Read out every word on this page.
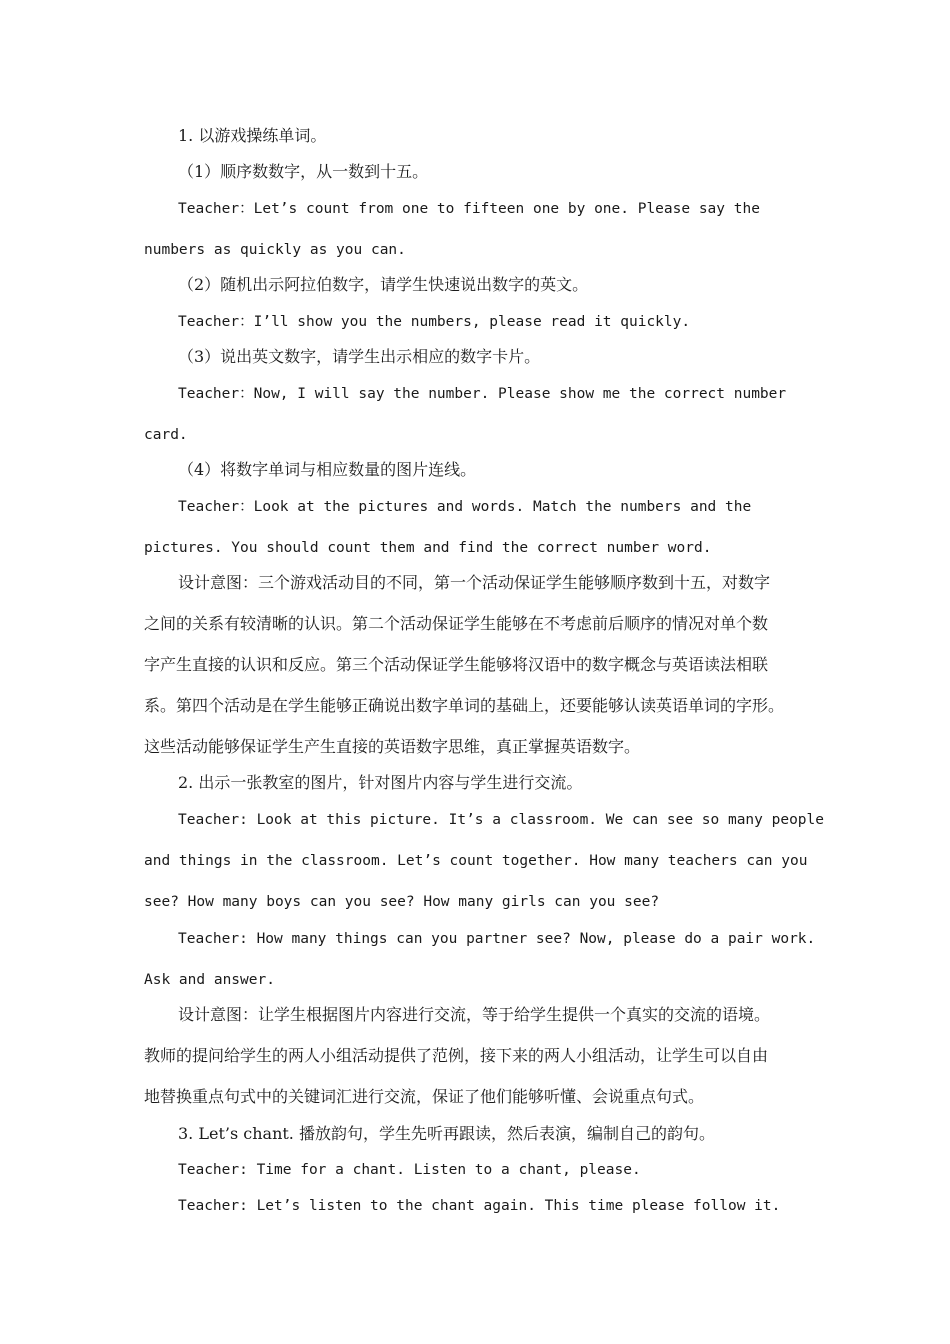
1. 以游戏操练单词。
（1）顺序数数字，从一数到十五。
Teacher：Let’s count from one to fifteen one by one. Please say the
numbers as quickly as you can.
（2）随机出示阿拉伯数字，请学生快速说出数字的英文。
Teacher：I’ll show you the numbers, please read it quickly.
（3）说出英文数字，请学生出示相应的数字卡片。
Teacher：Now, I will say the number. Please show me the correct number
card.
（4）将数字单词与相应数量的图片连线。
Teacher：Look at the pictures and words. Match the numbers and the
pictures. You should count them and find the correct number word.
设计意图：三个游戏活动目的不同，第一个活动保证学生能够顺序数到十五，对数字
之间的关系有较清晰的认识。第二个活动保证学生能够在不考虑前后顺序的情况对单个数
字产生直接的认识和反应。第三个活动保证学生能够将汉语中的数字概念与英语读法相联
系。第四个活动是在学生能够正确说出数字单词的基础上，还要能够认读英语单词的字形。
这些活动能够保证学生产生直接的英语数字思维，真正掌握英语数字。
2. 出示一张教室的图片，针对图片内容与学生进行交流。
Teacher: Look at this picture. It’s a classroom. We can see so many people
and things in the classroom. Let’s count together. How many teachers can you
see? How many boys can you see? How many girls can you see?
Teacher: How many things can you partner see? Now, please do a pair work.
Ask and answer.
设计意图：让学生根据图片内容进行交流，等于给学生提供一个真实的交流的语境。
教师的提问给学生的两人小组活动提供了范例，接下来的两人小组活动，让学生可以自由
地替换重点句式中的关键词汇进行交流，保证了他们能够听懂、会说重点句式。
3. Let’s chant. 播放韵句，学生先听再跟读，然后表演，编制自己的韵句。
Teacher: Time for a chant. Listen to a chant, please.
Teacher: Let’s listen to the chant again. This time please follow it.
